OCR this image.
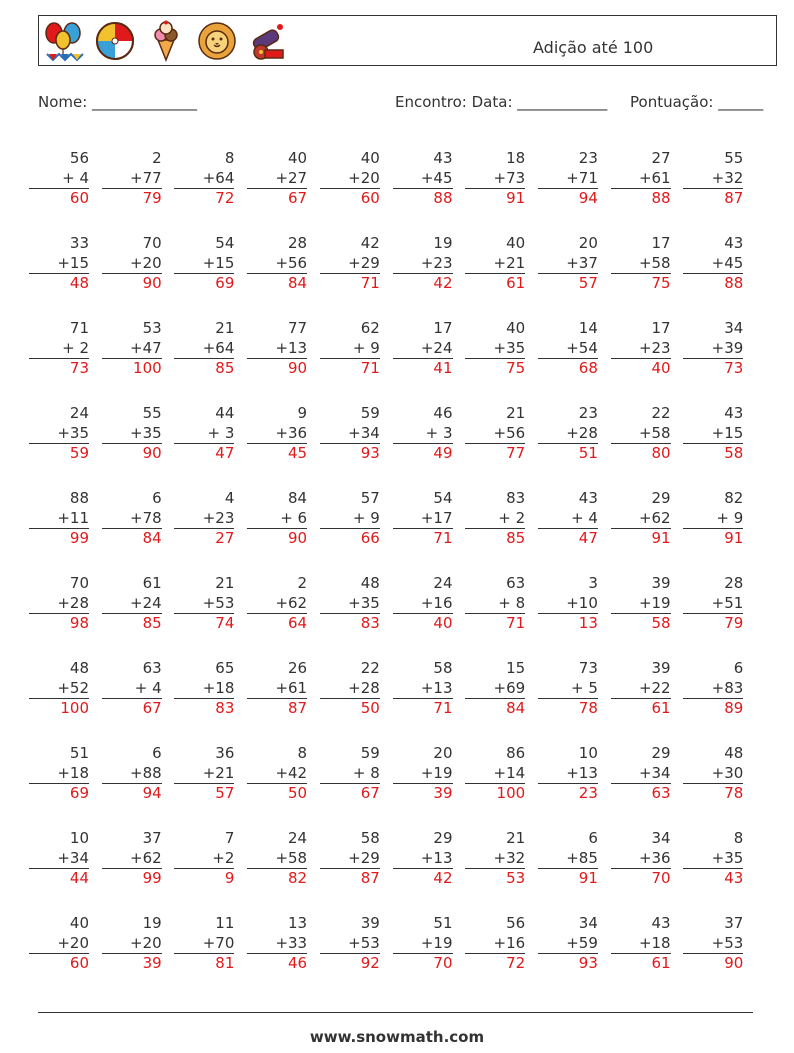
Adição até 100
Nome: ______________	Encontro: Data: ____________ Pontuação: ______
56
+ 4
60
2
+77
79
8
+64
72
40
+27
67
40
+20
60
43
+45
88
18
+73
91
23
+71
94
27
+61
88
55
+32
87
33
+15
48
70
+20
90
54
+15
69
28
+56
84
42
+29
71
19
+23
42
40
+21
61
20
+37
57
17
+58
75
43
+45
88
71
+ 2
73
53
+47
100
21
+64
85
77
+13
90
62
+ 9
71
17
+24
41
40
+35
75
14
+54
68
17
+23
40
34
+39
73
24
+35
59
55
+35
90
44
+ 3
47
9
+36
45
59
+34
93
46
+ 3
49
21
+56
77
23
+28
51
22
+58
80
43
+15
58
88
+11
99
6
+78
84
4
+23
27
84
+ 6
90
57
+ 9
66
54
+17
71
83
+ 2
85
43
+ 4
47
29
+62
91
82
+ 9
91
70
+28
98
61
+24
85
21
+53
74
2
+62
64
48
+35
83
24
+16
40
63
+ 8
71
3
+10
13
39
+19
58
28
+51
79
48
+52
100
63
+ 4
67
65
+18
83
26
+61
87
22
+28
50
58
+13
71
15
+69
84
73
+ 5
78
39
+22
61
6
+83
89
51
+18
69
6
+88
94
36
+21
57
8
+42
50
59
+ 8
67
20
+19
39
86
+14
100
10
+13
23
29
+34
63
48
+30
78
10
+34
44
37
+62
99
7
+2
9
24
+58
82
58
+29
87
29
+13
42
21
+32
53
6
+85
91
34
+36
70
8
+35
43
40
+20
60
19
+20
39
11
+70
81
13
+33
46
39
+53
92
51
+19
70
56
+16
72
34
+59
93
43
+18
61
37
+53
90
www.snowmath.com
